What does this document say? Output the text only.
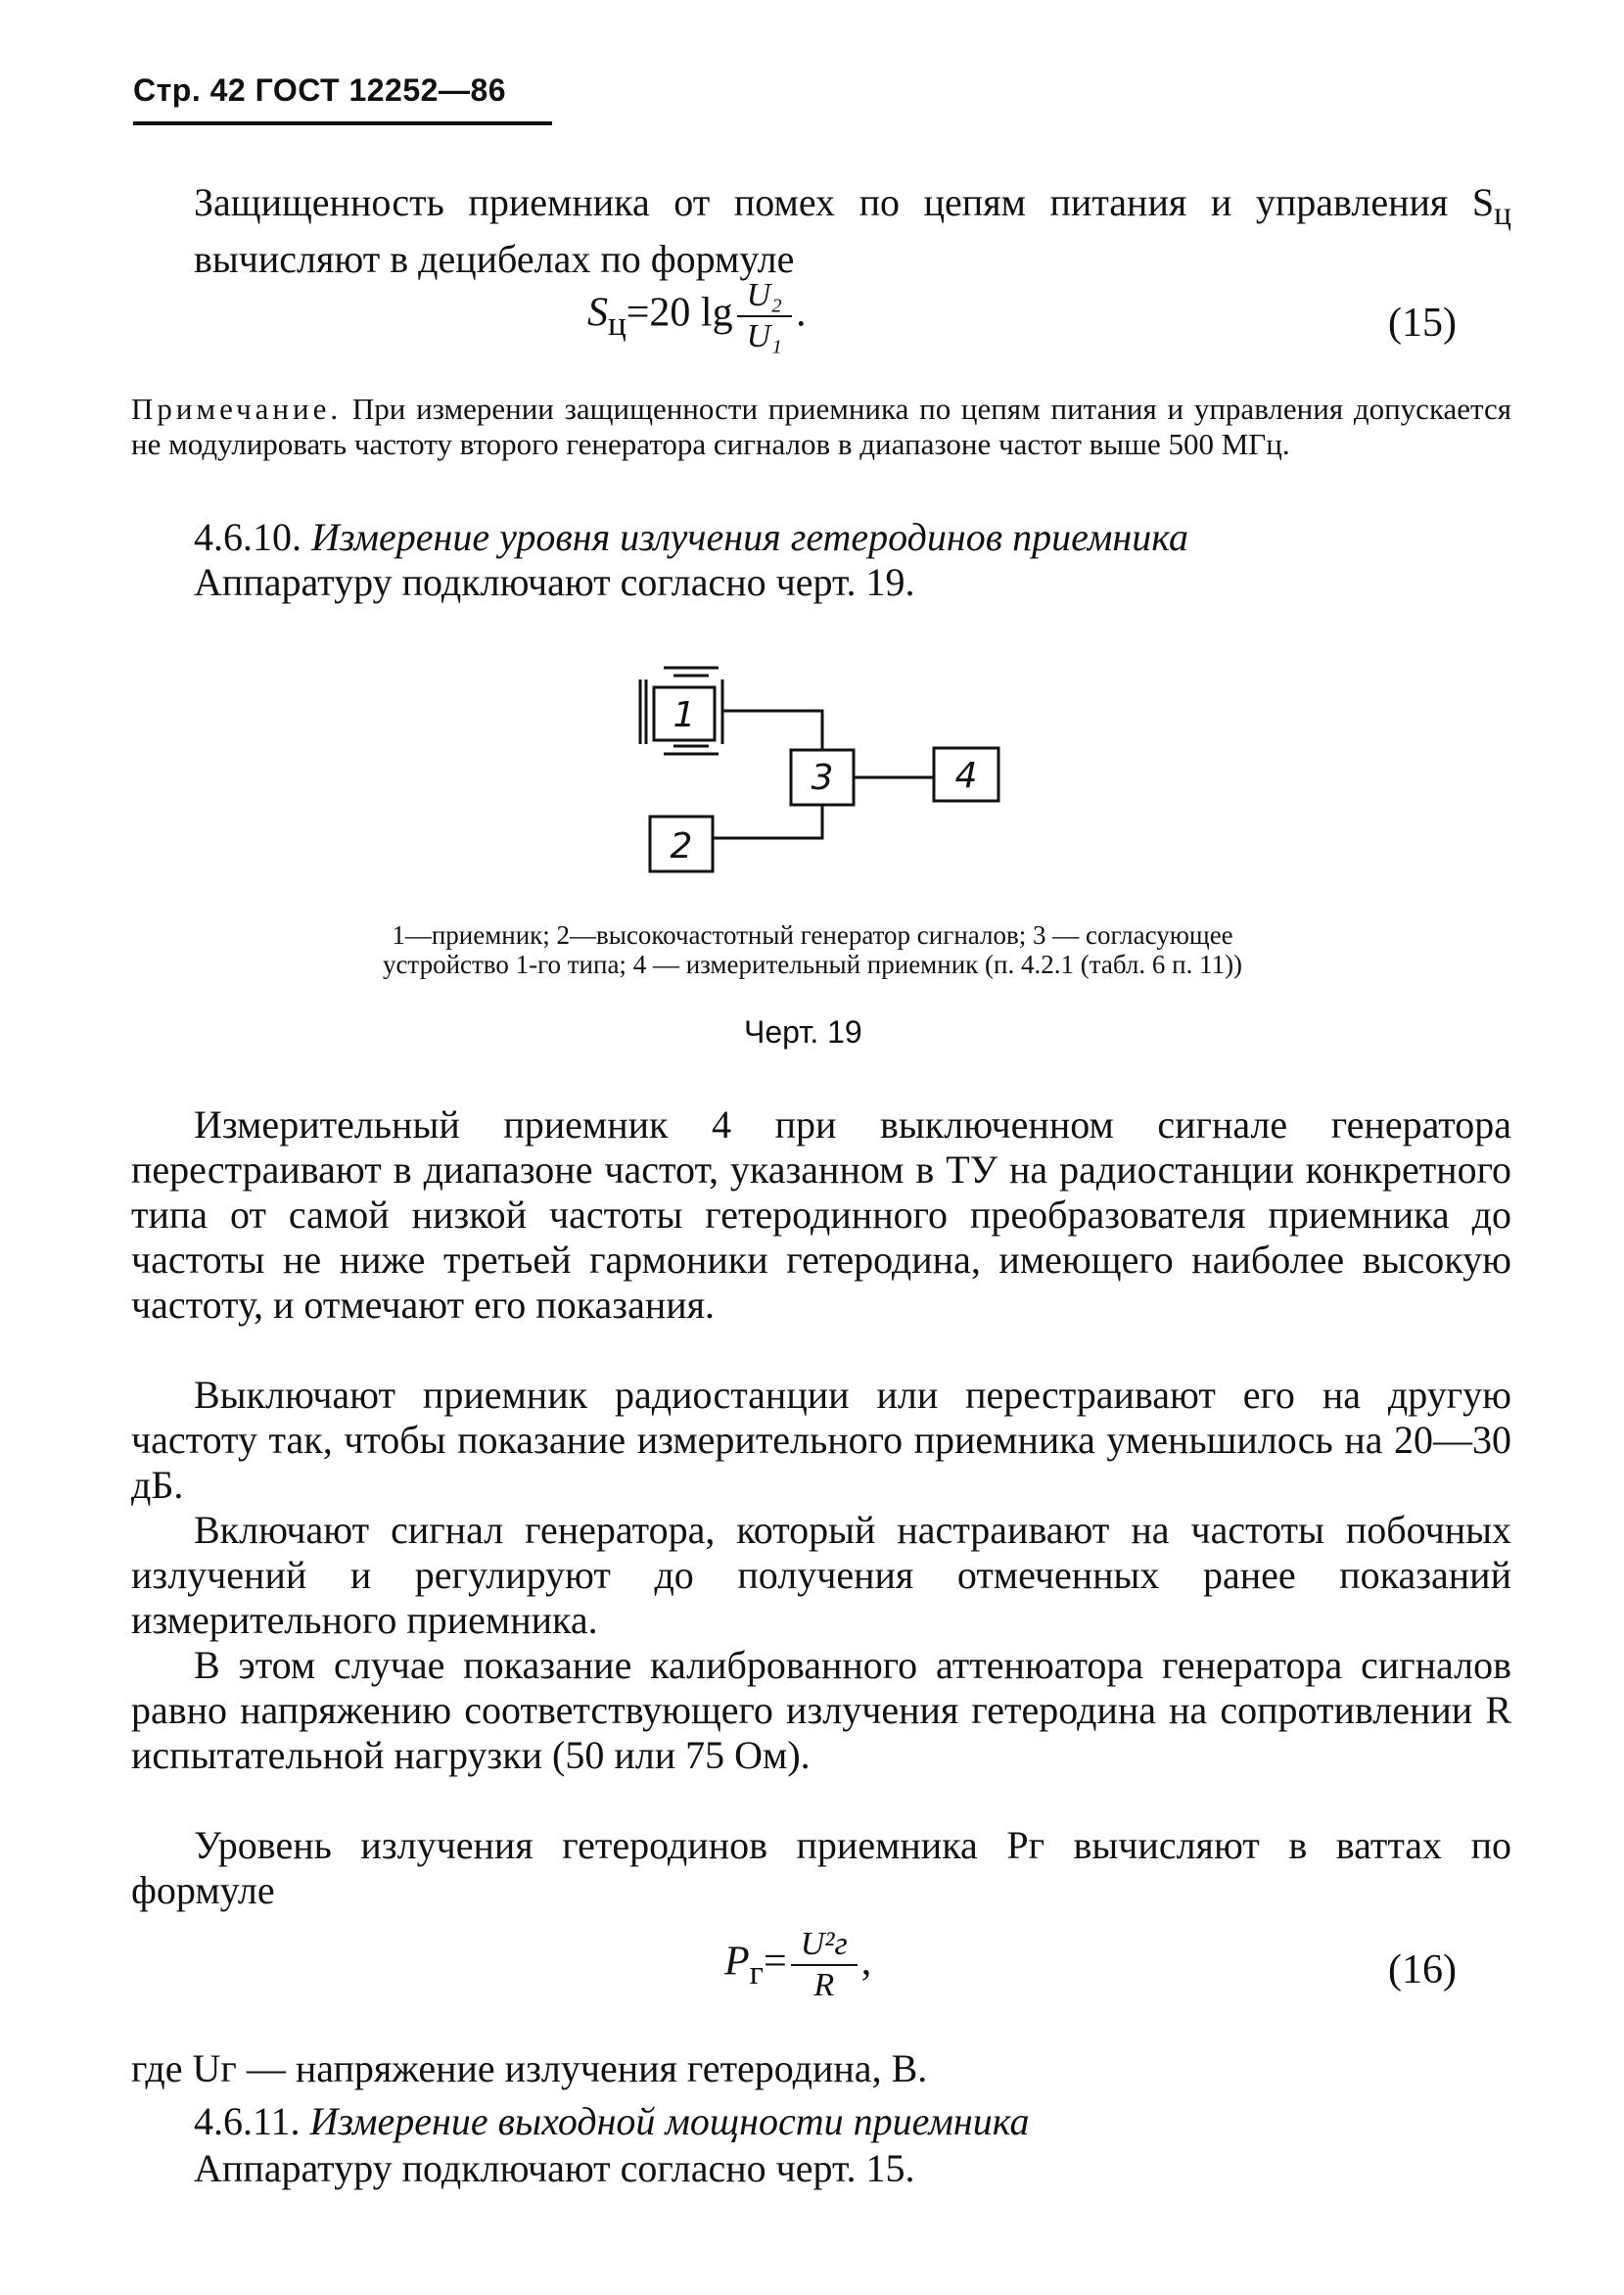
Стр. 42 ГОСТ 12252—86

Защищенность приемника от помех по цепям питания и управления $S_ц$ вычисляют в децибелах по формуле

$S_ц=20$ $\lg \frac{\text{U₂}}{\text{U₁}}$ .	(15)

Примечание. При измерении защищенности приемника по цепям питания и управления допускается не модулировать частоту второго генератора сигналов в диапазоне частот выше 500 МГц.

4.6.10. Измерение уровня излучения гетеродинов приемника
Аппаратуру подключают согласно черт. 19.
1
3	4
2

1—приемник; 2—высокочастотный генератор сигналов; 3 — согласующее устройство 1-го типа; 4 — измерительный приемник (п. 4.2.1 (табл. 6 п. 11))

Черт. 19

Измерительный приемник 4 при выключенном сигнале генератора перестраивают в диапазоне частот, указанном в ТУ на радиостанции конкретного типа от самой низкой частоты гетеродинного преобразователя приемника до частоты не ниже третьей гармоники гетеродина, имеющего наиболее высокую частоту, и отмечают его показания.

Выключают приемник радиостанции или перестраивают его на другую частоту так, чтобы показание измерительного приемника уменьшилось на 20—30 дБ.

Включают сигнал генератора, который настраивают на частоты побочных излучений и регулируют до получения отмеченных ранее показаний измерительного приемника.

В этом случае показание калиброванного аттенюатора генератора сигналов равно напряжению соответствующего излучения гетеродина на сопротивлении R испытательной нагрузки (50 или 75 Ом).

Уровень излучения гетеродинов приемника Pг вычисляют в ваттах по формуле

$P_г= \frac{\text{U²г}}{R}$ ,	(16)

где Uг — напряжение излучения гетеродина, В.

4.6.11. Измерение выходной мощности приемника
Аппаратуру подключают согласно черт. 15.
